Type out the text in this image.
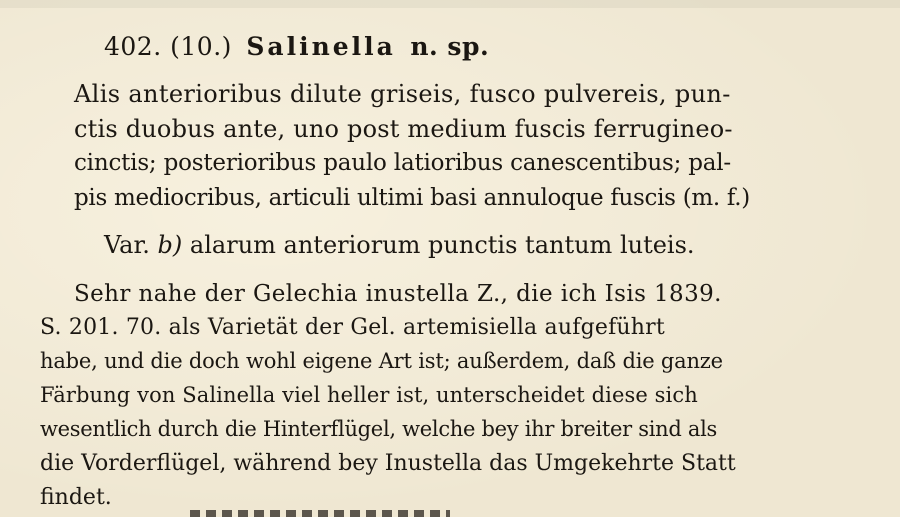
402. (10.) Salinella n. sp.
Alis anterioribus dilute griseis, fusco pulvereis, pun-
ctis duobus ante, uno post medium fuscis ferrugineo-
cinctis; posterioribus paulo latioribus canescentibus; pal-
pis mediocribus, articuli ultimi basi annuloque fuscis (m. f.)
Var. b) alarum anteriorum punctis tantum luteis.
Sehr nahe der Gelechia inustella Z., die ich Isis 1839.
S. 201. 70. als Varietät der Gel. artemisiella aufgeführt
habe, und die doch wohl eigene Art ist; außerdem, daß die ganze
Färbung von Salinella viel heller ist, unterscheidet diese sich
wesentlich durch die Hinterflügel, welche bey ihr breiter sind als
die Vorderflügel, während bey Inustella das Umgekehrte Statt
findet.
